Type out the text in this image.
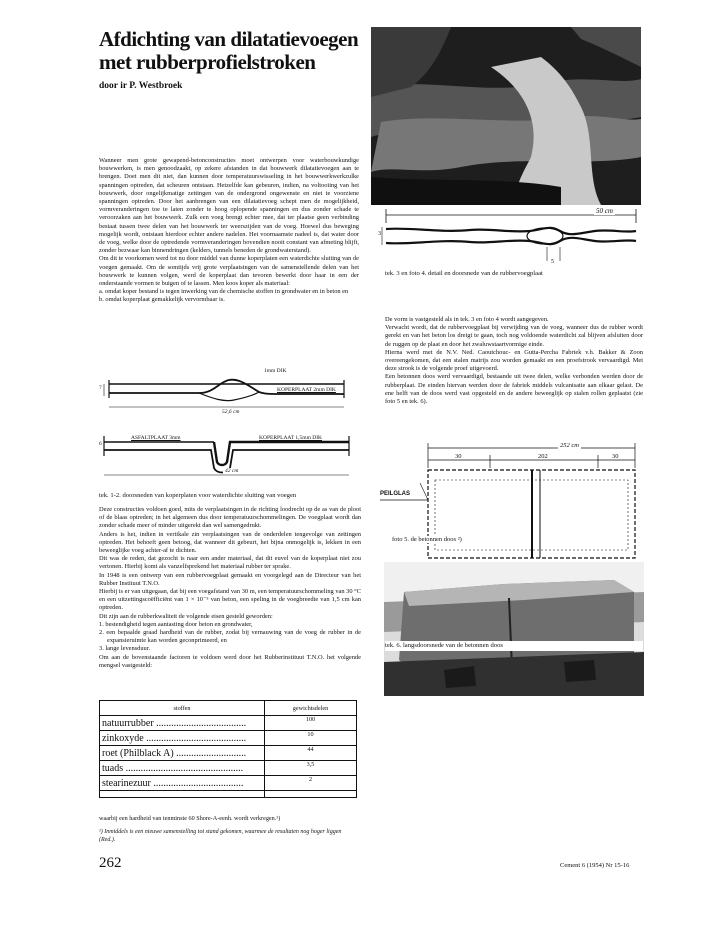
Afdichting van dilatatievoegen
met rubberprofielstroken
door ir P. Westbroek
50 cm
3
5
tek. 3 en foto 4. detail en doorsnede van de rubbervoegplaat

Wanneer men grote gewapend-betonconstructies moet ontwerpen voor waterbouwkundige bouwwerken, is men genoodzaakt, op zekere afstanden in dat bouwwerk dilatatievoegen aan te brengen. Doet men dit niet, dan kunnen door temperatuurswisseling in het bouwwerkwerkzulke spanningen optreden, dat scheuren ontstaan. Hetzelfde kan gebeuren, indien, na voltooiing van het bouwwerk, door ongelijkmatige zettingen van de ondergrond ongewenste en niet te voorziene spanningen optreden. Door het aanbrengen van een dilatatievoeg schept men de mogelijkheid, vormveranderingen toe te laten zonder te hoog oplopende spanningen en dus zonder schade te veroorzaken aan het bouwwerk. Zulk een voeg brengt echter mee, dat ter plaatse geen verbinding bestaat tussen twee delen van het bouwwerk ter weerszijden van de voeg. Hoewel dus beweging mogelijk wordt, ontstaan hierdoor echter andere nadelen. Het voornaamste nadeel is, dat water door de voeg, welke door de optredende vormveranderingen bovendien nooit constant van afmeting blijft, zonder bezwaar kan binnendringen (kelders, tunnels beneden de grondwaterstand).

Om dit te voorkomen werd tot nu door middel van dunne koperplaten een waterdichte sluiting van de voegen gemaakt. Om de somtijds vrij grote verplaatsingen van de samenstellende delen van het bouwwerk te kunnen volgen, werd de koperplaat dan tevoren bewerkt door haar in een der onderstaande vormen te buigen of te lassen. Men koos koper als materiaal:

a. omdat koper bestand is tegen inwerking van de chemische stoffen in grondwater en in beton en

b. omdat koperplaat gemakkelijk vervormbaar is.

1mm DIK
KOPERPLAAT 2mm DIK
52,6 cm
7
ASFALTPLAAT 3mm	KOPERPLAAT 1,5mm DIK
42 cm
6
tek. 1-2. doorsneden van koperplaten voor waterdichte sluiting van voegen

Deze constructies voldoen goed, mits de verplaatsingen in de richting loodrecht op de as van de ploot of de blaas optreden; in het algemeen dus door temperatuurschommelingen. De voegplaat wordt dan zonder schade meer of minder uitgerekt dan wel samengedrukt.

Anders is het, indien in vertikale zin verplaatsingen van de onderdelen tengevolge van zettingen optreden. Het behoeft geen betoog, dat wanneer dit gebeurt, het bijna onmogelijk is, lekken in een beweeglijke voeg achter-af te dichten.

Dit was de reden, dat gezocht is naar een ander materiaal, dat dit euvel van de koperplaat niet zou vertonen. Hierbij komt als vanzelfsprekend het materiaal rubber ter sprake.

In 1948 is een ontwerp van een rubbervoegplaat gemaakt en voorgelegd aan de Directeur van het Rubber Instituut T.N.O.

Hierbij is er van uitgegaan, dat bij een voegafstand van 30 m, een temperatuurschommeling van 30 °C en een uitzettingscoëfficiënt van 1 × 10⁻⁵ van beton, een speling in de voegbreedte van 1,5 cm kan optreden.

Dit zijn aan de rubberkwaliteit de volgende eisen gesteld geworden:

1. bestendigheid tegen aantasting door beton en grondwater,

2. een bepaalde graad hardheid van de rubber, zodat bij vernauwing van de voeg de rubber in de expansieruimte kan worden geconprimeerd, en

3. lange levensduur.

Om aan de bovenstaande factoren te voldoen werd door het Rubberinstituut T.N.O. het volgende mengsel vastgesteld:

stoffen	gewichtsdelen
natuurrubber ....................................	100
zinkoxyde ........................................	10
roet (Philblack A) ............................	44
tuads ...............................................	3,5
stearinezuur ....................................	2

waarbij een hardheid van tenminste 60 Shore-A-eenh. wordt verkregen.¹)
¹) Inmiddels is een nieuwe samenstelling tot stand gekomen, waarmee de resultaten nog hoger liggen (Red.).
262	Cement 6 (1954) Nr 15-16

De vorm is vastgesteld als in tek. 3 en foto 4 wordt aangegeven.

Verwacht wordt, dat de rubbervoegplaat bij verwijding van de voeg, wanneer dus de rubber wordt gerekt en van het beton los dreigt te gaan, toch nog voldoende waterdicht zal blijven afsluiten door de ruggen op de plaat en door het zwaluwstaartvormige einde.

Hierna werd met de N.V. Ned. Caoutchouc- en Gutta-Percha Fabriek v.h. Bakker & Zoon overeengekomen, dat een stalen matrijs zou worden gemaakt en een proefstrook vervaardigd. Met deze strook is de volgende proef uitgevoerd.

Een betonnen doos werd vervaardigd, bestaande uit twee delen, welke verbonden werden door de rubberplaat. De einden hiervan werden door de fabriek middels vulcanisatie aan elkaar gelast. De ene helft van de doos werd vast opgesteld en de andere beweeglijk op stalen rollen geplaatst (zie foto 5 en tek. 6).

252 cm
30	202	30
PEILGLAS
foto 5. de betonnen doos ²)
tek. 6. langsdoorsnede van de betonnen doos
